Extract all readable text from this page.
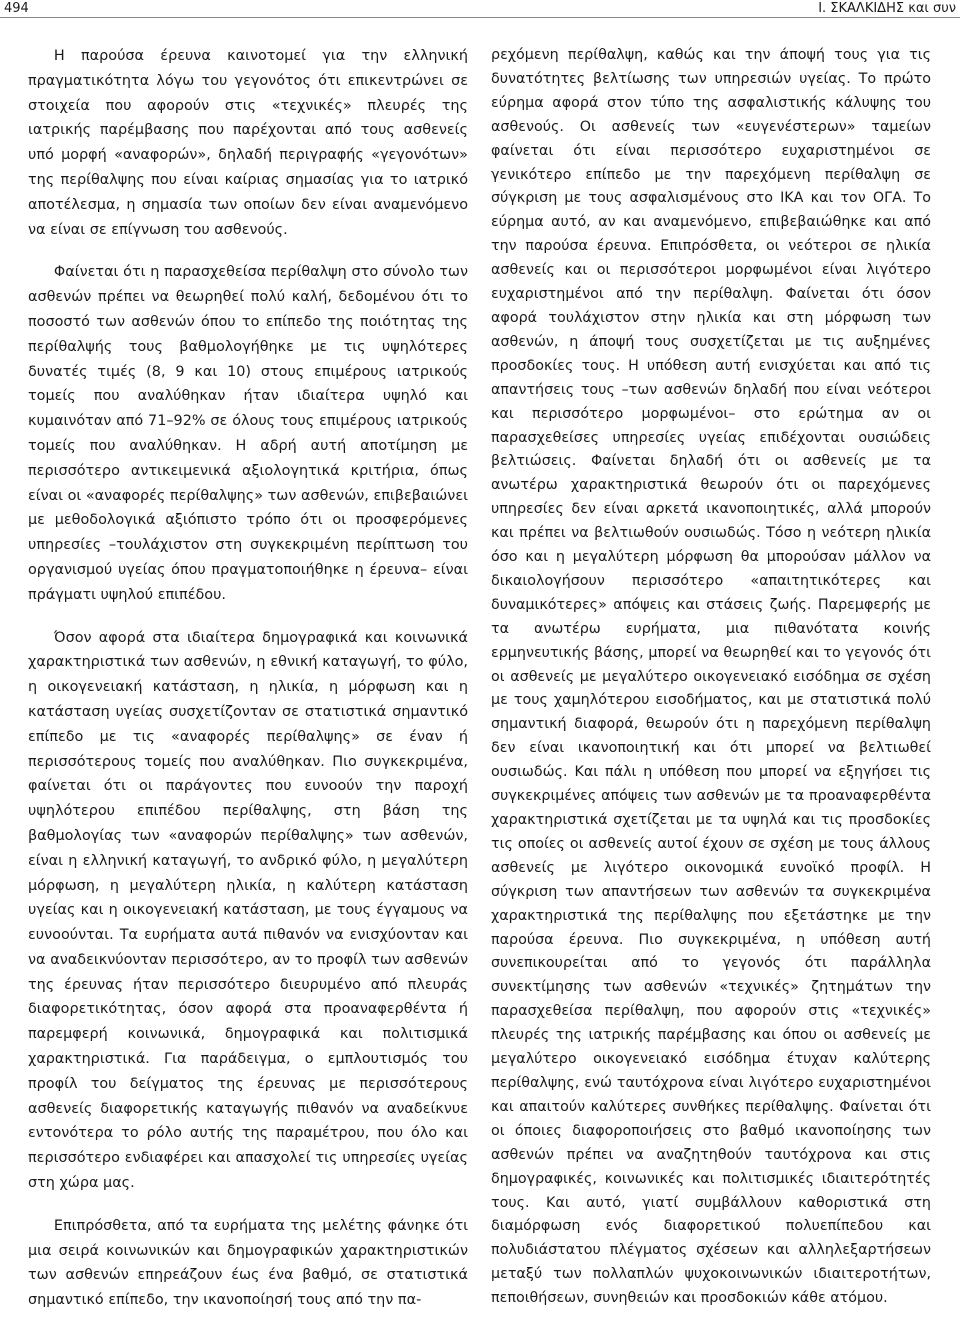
494	Ι. ΣΚΑΛΚΙΔΗΣ και συν

Η παρούσα έρευνα καινοτομεί για την ελληνική πραγματικότητα λόγω του γεγονότος ότι επικεντρώνει σε στοιχεία που αφορούν στις «τεχνικές» πλευρές της ιατρικής παρέμβασης που παρέχονται από τους ασθενείς υπό μορφή «αναφορών», δηλαδή περιγραφής «γεγονότων» της περίθαλψης που είναι καίριας σημασίας για το ιατρικό αποτέλεσμα, η σημασία των οποίων δεν είναι αναμενόμενο να είναι σε επίγνωση του ασθενούς.

Φαίνεται ότι η παρασχεθείσα περίθαλψη στο σύνολο των ασθενών πρέπει να θεωρηθεί πολύ καλή, δεδομένου ότι το ποσοστό των ασθενών όπου το επίπεδο της ποιότητας της περίθαλψής τους βαθμολογήθηκε με τις υψηλότερες δυνατές τιμές (8, 9 και 10) στους επιμέρους ιατρικούς τομείς που αναλύθηκαν ήταν ιδιαίτερα υψηλό και κυμαινόταν από 71–92% σε όλους τους επιμέρους ιατρικούς τομείς που αναλύθηκαν. Η αδρή αυτή αποτίμηση με περισσότερο αντικειμενικά αξιολογητικά κριτήρια, όπως είναι οι «αναφορές περίθαλψης» των ασθενών, επιβεβαιώνει με μεθοδολογικά αξιόπιστο τρόπο ότι οι προσφερόμενες υπηρεσίες –τουλάχιστον στη συγκεκριμένη περίπτωση του οργανισμού υγείας όπου πραγματοποιήθηκε η έρευνα– είναι πράγματι υψηλού επιπέδου.

Όσον αφορά στα ιδιαίτερα δημογραφικά και κοινωνικά χαρακτηριστικά των ασθενών, η εθνική καταγωγή, το φύλο, η οικογενειακή κατάσταση, η ηλικία, η μόρφωση και η κατάσταση υγείας συσχετίζονταν σε στατιστικά σημαντικό επίπεδο με τις «αναφορές περίθαλψης» σε έναν ή περισσότερους τομείς που αναλύθηκαν. Πιο συγκεκριμένα, φαίνεται ότι οι παράγοντες που ευνοούν την παροχή υψηλότερου επιπέδου περίθαλψης, στη βάση της βαθμολογίας των «αναφορών περίθαλψης» των ασθενών, είναι η ελληνική καταγωγή, το ανδρικό φύλο, η μεγαλύτερη μόρφωση, η μεγαλύτερη ηλικία, η καλύτερη κατάσταση υγείας και η οικογενειακή κατάσταση, με τους έγγαμους να ευνοούνται. Τα ευρήματα αυτά πιθανόν να ενισχύονταν και να αναδεικνύονταν περισσότερο, αν το προφίλ των ασθενών της έρευνας ήταν περισσότερο διευρυμένο από πλευράς διαφορετικότητας, όσον αφορά στα προαναφερθέντα ή παρεμφερή κοινωνικά, δημογραφικά και πολιτισμικά χαρακτηριστικά. Για παράδειγμα, ο εμπλουτισμός του προφίλ του δείγματος της έρευνας με περισσότερους ασθενείς διαφορετικής καταγωγής πιθανόν να αναδείκνυε εντονότερα το ρόλο αυτής της παραμέτρου, που όλο και περισσότερο ενδιαφέρει και απασχολεί τις υπηρεσίες υγείας στη χώρα μας.

Επιπρόσθετα, από τα ευρήματα της μελέτης φάνηκε ότι μια σειρά κοινωνικών και δημογραφικών χαρακτηριστικών των ασθενών επηρεάζουν έως ένα βαθμό, σε στατιστικά σημαντικό επίπεδο, την ικανοποίησή τους από την πα-

ρεχόμενη περίθαλψη, καθώς και την άποψή τους για τις δυνατότητες βελτίωσης των υπηρεσιών υγείας. Το πρώτο εύρημα αφορά στον τύπο της ασφαλιστικής κάλυψης του ασθενούς. Οι ασθενείς των «ευγενέστερων» ταμείων φαίνεται ότι είναι περισσότερο ευχαριστημένοι σε γενικότερο επίπεδο με την παρεχόμενη περίθαλψη σε σύγκριση με τους ασφαλισμένους στο ΙΚΑ και τον ΟΓΑ. Το εύρημα αυτό, αν και αναμενόμενο, επιβεβαιώθηκε και από την παρούσα έρευνα. Επιπρόσθετα, οι νεότεροι σε ηλικία ασθενείς και οι περισσότεροι μορφωμένοι είναι λιγότερο ευχαριστημένοι από την περίθαλψη. Φαίνεται ότι όσον αφορά τουλάχιστον στην ηλικία και στη μόρφωση των ασθενών, η άποψή τους συσχετίζεται με τις αυξημένες προσδοκίες τους. Η υπόθεση αυτή ενισχύεται και από τις απαντήσεις τους –των ασθενών δηλαδή που είναι νεότεροι και περισσότερο μορφωμένοι– στο ερώτημα αν οι παρασχεθείσες υπηρεσίες υγείας επιδέχονται ουσιώδεις βελτιώσεις. Φαίνεται δηλαδή ότι οι ασθενείς με τα ανωτέρω χαρακτηριστικά θεωρούν ότι οι παρεχόμενες υπηρεσίες δεν είναι αρκετά ικανοποιητικές, αλλά μπορούν και πρέπει να βελτιωθούν ουσιωδώς. Τόσο η νεότερη ηλικία όσο και η μεγαλύτερη μόρφωση θα μπορούσαν μάλλον να δικαιολογήσουν περισσότερο «απαιτητικότερες και δυναμικότερες» απόψεις και στάσεις ζωής. Παρεμφερής με τα ανωτέρω ευρήματα, μια πιθανότατα κοινής ερμηνευτικής βάσης, μπορεί να θεωρηθεί και το γεγονός ότι οι ασθενείς με μεγαλύτερο οικογενειακό εισόδημα σε σχέση με τους χαμηλότερου εισοδήματος, και με στατιστικά πολύ σημαντική διαφορά, θεωρούν ότι η παρεχόμενη περίθαλψη δεν είναι ικανοποιητική και ότι μπορεί να βελτιωθεί ουσιωδώς. Και πάλι η υπόθεση που μπορεί να εξηγήσει τις συγκεκριμένες απόψεις των ασθενών με τα προαναφερθέντα χαρακτηριστικά σχετίζεται με τα υψηλά και τις προσδοκίες τις οποίες οι ασθενείς αυτοί έχουν σε σχέση με τους άλλους ασθενείς με λιγότερο οικονομικά ευνοϊκό προφίλ. Η σύγκριση των απαντήσεων των ασθενών τα συγκεκριμένα χαρακτηριστικά της περίθαλψης που εξετάστηκε με την παρούσα έρευνα. Πιο συγκεκριμένα, η υπόθεση αυτή συνεπικουρείται από το γεγονός ότι παράλληλα συνεκτίμησης των ασθενών «τεχνικές» ζητημάτων την παρασχεθείσα περίθαλψη, που αφορούν στις «τεχνικές» πλευρές της ιατρικής παρέμβασης και όπου οι ασθενείς με μεγαλύτερο οικογενειακό εισόδημα έτυχαν καλύτερης περίθαλψης, ενώ ταυτόχρονα είναι λιγότερο ευχαριστημένοι και απαιτούν καλύτερες συνθήκες περίθαλψης. Φαίνεται ότι οι όποιες διαφοροποιήσεις στο βαθμό ικανοποίησης των ασθενών πρέπει να αναζητηθούν ταυτόχρονα και στις δημογραφικές, κοινωνικές και πολιτισμικές ιδιαιτερότητές τους. Και αυτό, γιατί συμβάλλουν καθοριστικά στη διαμόρφωση ενός διαφορετικού πολυεπίπεδου και πολυδιάστατου πλέγματος σχέσεων και αλληλεξαρτήσεων μεταξύ των πολλαπλών ψυχοκοινωνικών ιδιαιτεροτήτων, πεποιθήσεων, συνηθειών και προσδοκιών κάθε ατόμου.
